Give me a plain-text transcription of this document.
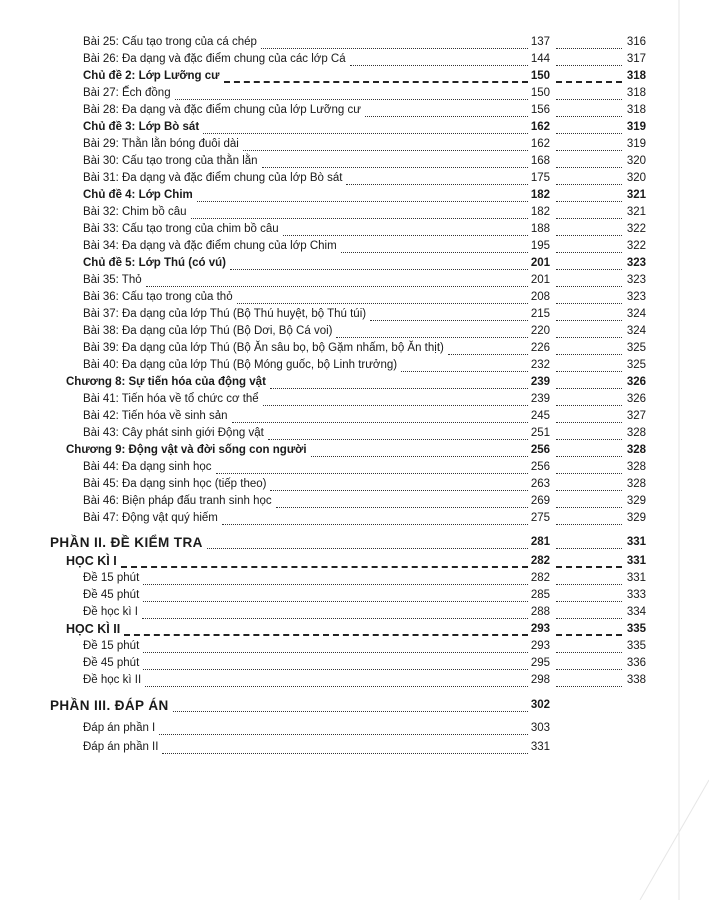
Bài 25: Cấu tạo trong của cá chép	137	316
Bài 26: Đa dạng và đặc điểm chung của các lớp Cá	144	317
Chủ đề 2: Lớp Lưỡng cư	150	318
Bài 27: Ếch đồng	150	318
Bài 28: Đa dạng và đặc điểm chung của lớp Lưỡng cư	156	318
Chủ đề 3: Lớp Bò sát	162	319
Bài 29: Thằn lằn bóng đuôi dài	162	319
Bài 30: Cấu tạo trong của thằn lằn	168	320
Bài 31: Đa dạng và đặc điểm chung của lớp Bò sát	175	320
Chủ đề 4: Lớp Chim	182	321
Bài 32: Chim bồ câu	182	321
Bài 33: Cấu tạo trong của chim bồ câu	188	322
Bài 34: Đa dạng và đặc điểm chung của lớp Chim	195	322
Chủ đề 5: Lớp Thú (có vú)	201	323
Bài 35: Thỏ	201	323
Bài 36: Cấu tạo trong của thỏ	208	323
Bài 37: Đa dạng của lớp Thú (Bộ Thú huyệt, bộ Thú túi)	215	324
Bài 38: Đa dạng của lớp Thú (Bộ Dơi, Bộ Cá voi)	220	324
Bài 39: Đa dạng của lớp Thú (Bộ Ăn sâu bọ, bộ Gặm nhấm, bộ Ăn thịt)	226	325
Bài 40: Đa dạng của lớp Thú (Bộ Móng guốc, bộ Linh trưởng)	232	325
Chương 8: Sự tiến hóa của động vật	239	326
Bài 41: Tiến hóa về tổ chức cơ thể	239	326
Bài 42: Tiến hóa về sinh sản	245	327
Bài 43: Cây phát sinh giới Động vật	251	328
Chương 9: Động vật và đời sống con người	256	328
Bài 44: Đa dạng sinh học	256	328
Bài 45: Đa dạng sinh học (tiếp theo)	263	328
Bài 46: Biện pháp đấu tranh sinh học	269	329
Bài 47: Động vật quý hiếm	275	329
PHẦN II. ĐỀ KIỂM TRA	281	331
HỌC KÌ I	282	331
Đề 15 phút	282	331
Đề 45 phút	285	333
Đề học kì I	288	334
HỌC KÌ II	293	335
Đề 15 phút	293	335
Đề 45 phút	295	336
Đề học kì II	298	338
PHẦN III. ĐÁP ÁN	302
Đáp án phần I	303
Đáp án phần II	331
